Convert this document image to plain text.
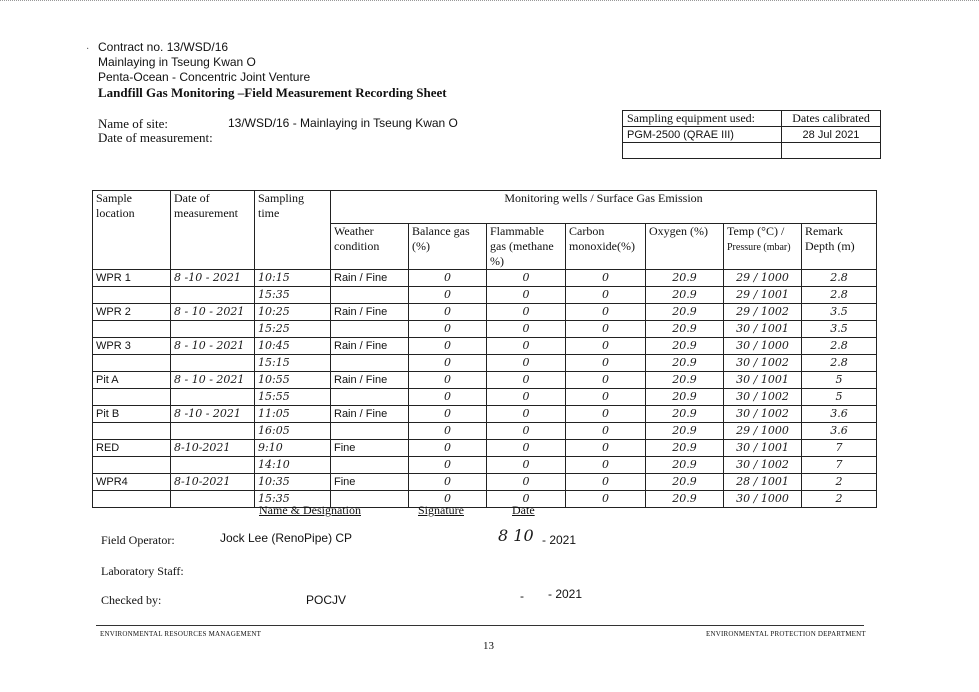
· Contract no. 13/WSD/16
Mainlaying in Tseung Kwan O
Penta-Ocean - Concentric Joint Venture
Landfill Gas Monitoring –Field Measurement Recording Sheet
Name of site:	13/WSD/16 - Mainlaying in Tseung Kwan O
Date of measurement:
Sampling equipment used:	Dates calibrated
PGM-2500 (QRAE III)	28 Jul 2021

Sample location	Date of measurement	Sampling time	Monitoring wells / Surface Gas Emission						
			Weather condition	Balance gas (%)	Flammable gas (methane %)	Carbon monoxide(%)	Oxygen (%)	Temp (°C) /
Pressure (mbar)	Remark Depth (m)
WPR 1	8 -10 - 2021	10:15	Rain / Fine	0	0	0	20.9	29 / 1000	2.8
		15:35		0	0	0	20.9	29 / 1001	2.8
WPR 2	8 - 10 - 2021	10:25	Rain / Fine	0	0	0	20.9	29 / 1002	3.5
		15:25		0	0	0	20.9	30 / 1001	3.5
WPR 3	8 - 10 - 2021	10:45	Rain / Fine	0	0	0	20.9	30 / 1000	2.8
		15:15		0	0	0	20.9	30 / 1002	2.8
Pit A	8 - 10 - 2021	10:55	Rain / Fine	0	0	0	20.9	30 / 1001	5
		15:55		0	0	0	20.9	30 / 1002	5
Pit B	8 -10 - 2021	11:05	Rain / Fine	0	0	0	20.9	30 / 1002	3.6
		16:05		0	0	0	20.9	29 / 1000	3.6
RED	8-10-2021	9:10	Fine	0	0	0	20.9	30 / 1001	7
		14:10		0	0	0	20.9	30 / 1002	7
WPR4	8-10-2021	10:35	Fine	0	0	0	20.9	28 / 1001	2
		15:35		0	0	0	20.9	30 / 1000	2
Name & Designation	Signature	Date
Field Operator:	Jock Lee (RenoPipe) CP	8 10 - 2021
Laboratory Staff:
Checked by:	POCJV	- - 2021
ENVIRONMENTAL RESOURCES MANAGEMENT	ENVIRONMENTAL PROTECTION DEPARTMENT
13
